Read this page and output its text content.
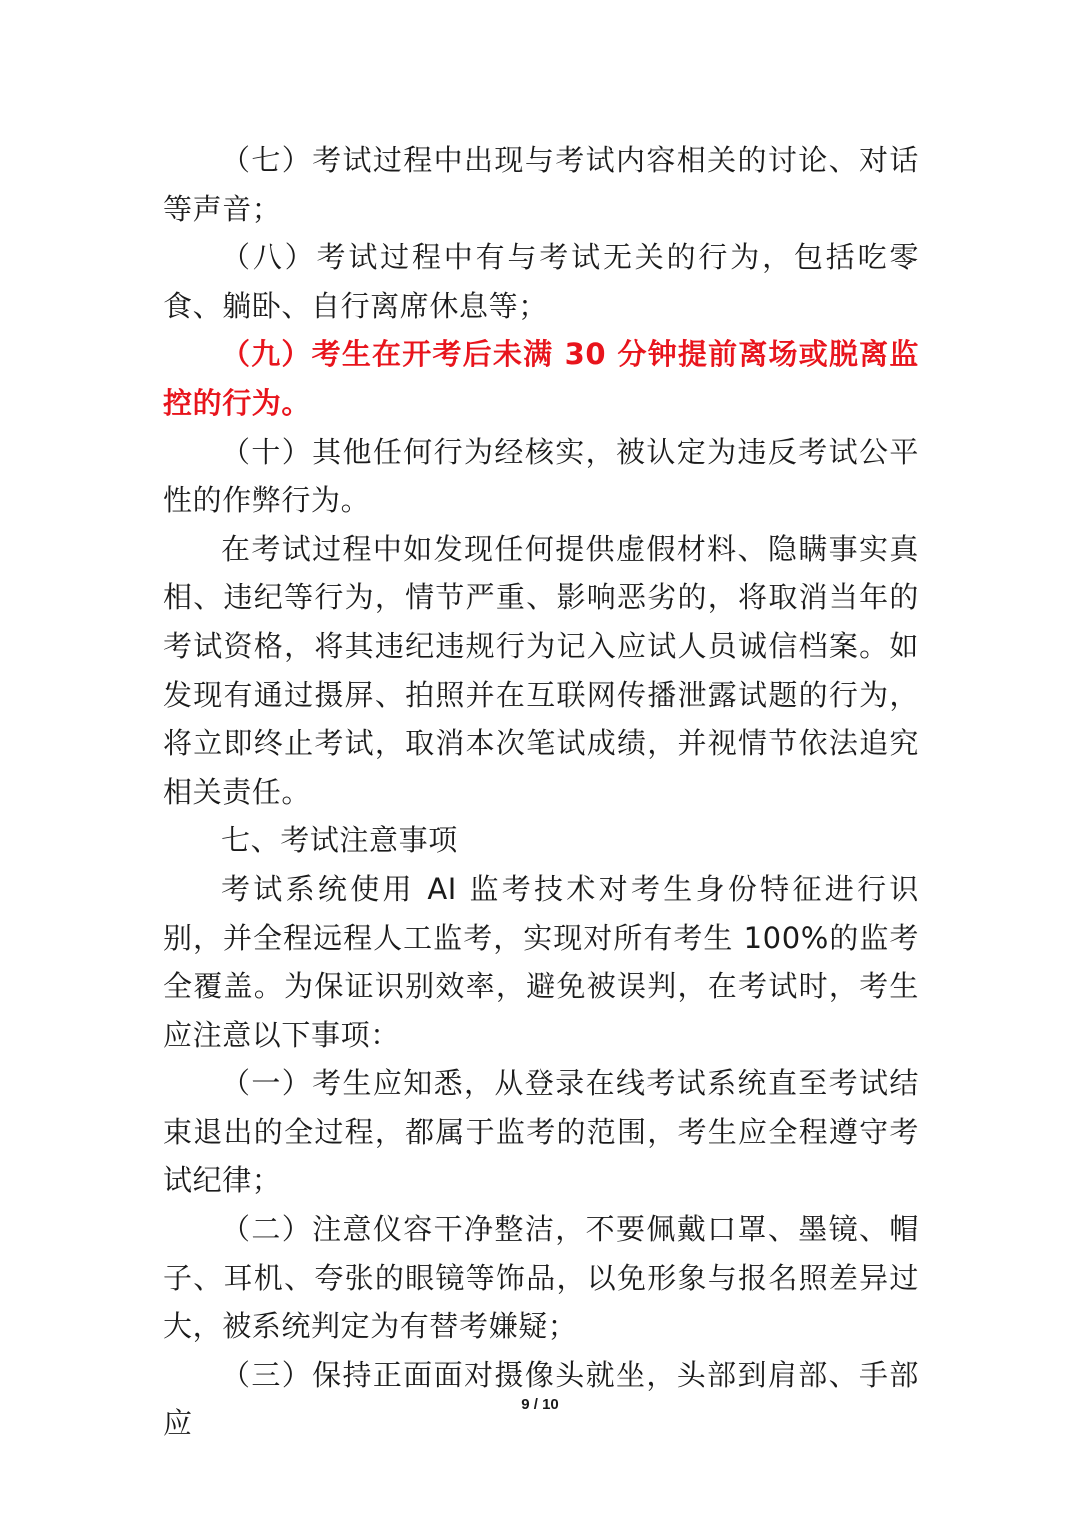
（七）考试过程中出现与考试内容相关的讨论、对话等声音；

（八）考试过程中有与考试无关的行为，包括吃零食、躺卧、自行离席休息等；

（九）考生在开考后未满 30 分钟提前离场或脱离监控的行为。

（十）其他任何行为经核实，被认定为违反考试公平性的作弊行为。

在考试过程中如发现任何提供虚假材料、隐瞒事实真相、违纪等行为，情节严重、影响恶劣的，将取消当年的考试资格，将其违纪违规行为记入应试人员诚信档案。如发现有通过摄屏、拍照并在互联网传播泄露试题的行为，将立即终止考试，取消本次笔试成绩，并视情节依法追究相关责任。

七、考试注意事项

考试系统使用 AI 监考技术对考生身份特征进行识别，并全程远程人工监考，实现对所有考生 100%的监考全覆盖。为保证识别效率，避免被误判，在考试时，考生应注意以下事项：

（一）考生应知悉，从登录在线考试系统直至考试结束退出的全过程，都属于监考的范围，考生应全程遵守考试纪律；

（二）注意仪容干净整洁，不要佩戴口罩、墨镜、帽子、耳机、夸张的眼镜等饰品，以免形象与报名照差异过大，被系统判定为有替考嫌疑；

（三）保持正面面对摄像头就坐，头部到肩部、手部应

9 / 10
